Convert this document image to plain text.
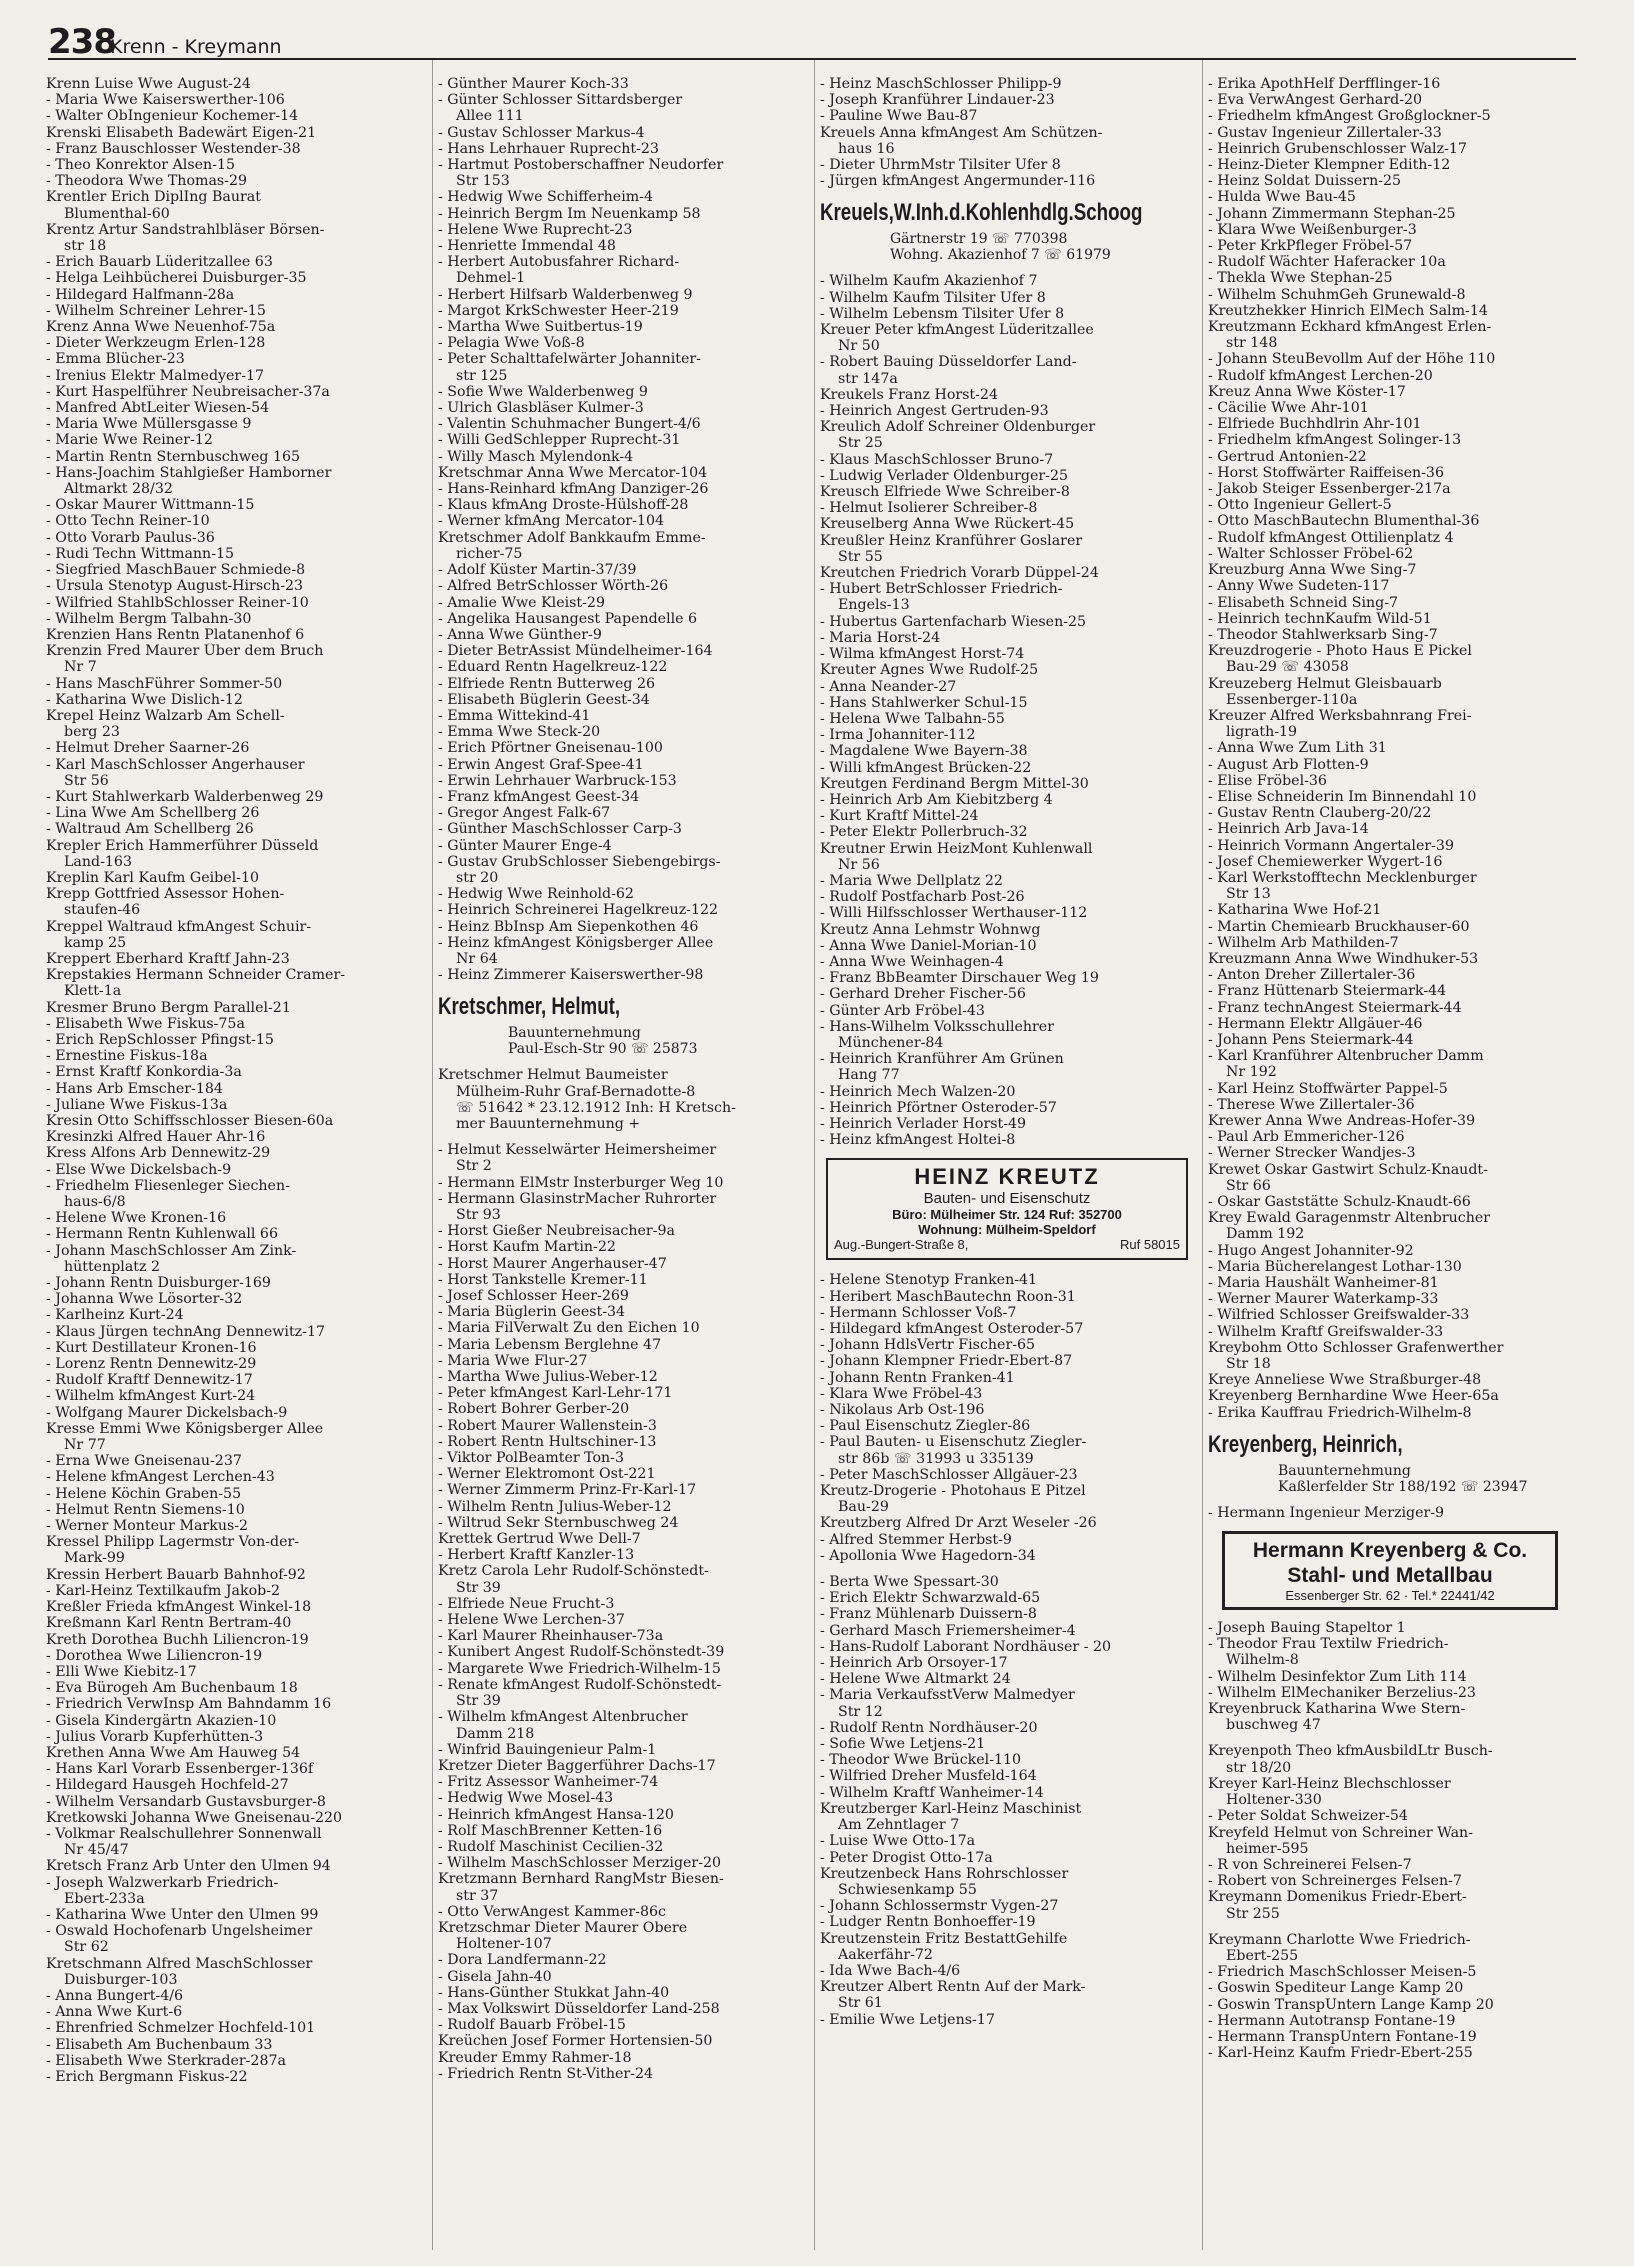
238
Krenn - Kreymann
Krenn Luise Wwe August-24
- Maria Wwe Kaiserswerther-106
- Walter ObIngenieur Kochemer-14
Krenski Elisabeth Badewärt Eigen-21
- Franz Bauschlosser Westender-38
- Theo Konrektor Alsen-15
- Theodora Wwe Thomas-29
Krentler Erich DiplIng Baurat
Blumenthal-60
Krentz Artur Sandstrahlbläser Börsen-
str 18
- Erich Bauarb Lüderitzallee 63
- Helga Leihbücherei Duisburger-35
- Hildegard Halfmann-28a
- Wilhelm Schreiner Lehrer-15
Krenz Anna Wwe Neuenhof-75a
- Dieter Werkzeugm Erlen-128
- Emma Blücher-23
- Irenius Elektr Malmedyer-17
- Kurt Haspelführer Neubreisacher-37a
- Manfred AbtLeiter Wiesen-54
- Maria Wwe Müllersgasse 9
- Marie Wwe Reiner-12
- Martin Rentn Sternbuschweg 165
- Hans-Joachim Stahlgießer Hamborner
Altmarkt 28/32
- Oskar Maurer Wittmann-15
- Otto Techn Reiner-10
- Otto Vorarb Paulus-36
- Rudi Techn Wittmann-15
- Siegfried MaschBauer Schmiede-8
- Ursula Stenotyp August-Hirsch-23
- Wilfried StahlbSchlosser Reiner-10
- Wilhelm Bergm Talbahn-30
Krenzien Hans Rentn Platanenhof 6
Krenzin Fred Maurer Über dem Bruch
Nr 7
- Hans MaschFührer Sommer-50
- Katharina Wwe Dislich-12
Krepel Heinz Walzarb Am Schell-
berg 23
- Helmut Dreher Saarner-26
- Karl MaschSchlosser Angerhauser
Str 56
- Kurt Stahlwerkarb Walderbenweg 29
- Lina Wwe Am Schellberg 26
- Waltraud Am Schellberg 26
Krepler Erich Hammerführer Düsseld
Land-163
Kreplin Karl Kaufm Geibel-10
Krepp Gottfried Assessor Hohen-
staufen-46
Kreppel Waltraud kfmAngest Schuir-
kamp 25
Kreppert Eberhard Kraftf Jahn-23
Krepstakies Hermann Schneider Cramer-
Klett-1a
Kresmer Bruno Bergm Parallel-21
- Elisabeth Wwe Fiskus-75a
- Erich RepSchlosser Pfingst-15
- Ernestine Fiskus-18a
- Ernst Kraftf Konkordia-3a
- Hans Arb Emscher-184
- Juliane Wwe Fiskus-13a
Kresin Otto Schiffsschlosser Biesen-60a
Kresinzki Alfred Hauer Ahr-16
Kress Alfons Arb Dennewitz-29
- Else Wwe Dickelsbach-9
- Friedhelm Fliesenleger Siechen-
haus-6/8
- Helene Wwe Kronen-16
- Hermann Rentn Kuhlenwall 66
- Johann MaschSchlosser Am Zink-
hüttenplatz 2
- Johann Rentn Duisburger-169
- Johanna Wwe Lösorter-32
- Karlheinz Kurt-24
- Klaus Jürgen technAng Dennewitz-17
- Kurt Destillateur Kronen-16
- Lorenz Rentn Dennewitz-29
- Rudolf Kraftf Dennewitz-17
- Wilhelm kfmAngest Kurt-24
- Wolfgang Maurer Dickelsbach-9
Kresse Emmi Wwe Königsberger Allee
Nr 77
- Erna Wwe Gneisenau-237
- Helene kfmAngest Lerchen-43
- Helene Köchin Graben-55
- Helmut Rentn Siemens-10
- Werner Monteur Markus-2
Kressel Philipp Lagermstr Von-der-
Mark-99
Kressin Herbert Bauarb Bahnhof-92
- Karl-Heinz Textilkaufm Jakob-2
Kreßler Frieda kfmAngest Winkel-18
Kreßmann Karl Rentn Bertram-40
Kreth Dorothea Buchh Liliencron-19
- Dorothea Wwe Liliencron-19
- Elli Wwe Kiebitz-17
- Eva Bürogeh Am Buchenbaum 18
- Friedrich VerwInsp Am Bahndamm 16
- Gisela Kindergärtn Akazien-10
- Julius Vorarb Kupferhütten-3
Krethen Anna Wwe Am Hauweg 54
- Hans Karl Vorarb Essenberger-136f
- Hildegard Hausgeh Hochfeld-27
- Wilhelm Versandarb Gustavsburger-8
Kretkowski Johanna Wwe Gneisenau-220
- Volkmar Realschullehrer Sonnenwall
Nr 45/47
Kretsch Franz Arb Unter den Ulmen 94
- Joseph Walzwerkarb Friedrich-
Ebert-233a
- Katharina Wwe Unter den Ulmen 99
- Oswald Hochofenarb Ungelsheimer
Str 62
Kretschmann Alfred MaschSchlosser
Duisburger-103
- Anna Bungert-4/6
- Anna Wwe Kurt-6
- Ehrenfried Schmelzer Hochfeld-101
- Elisabeth Am Buchenbaum 33
- Elisabeth Wwe Sterkrader-287a
- Erich Bergmann Fiskus-22
- Günther Maurer Koch-33
- Günter Schlosser Sittardsberger
Allee 111
- Gustav Schlosser Markus-4
- Hans Lehrhauer Ruprecht-23
- Hartmut Postoberschaffner Neudorfer
Str 153
- Hedwig Wwe Schifferheim-4
- Heinrich Bergm Im Neuenkamp 58
- Helene Wwe Ruprecht-23
- Henriette Immendal 48
- Herbert Autobusfahrer Richard-
Dehmel-1
- Herbert Hilfsarb Walderbenweg 9
- Margot KrkSchwester Heer-219
- Martha Wwe Suitbertus-19
- Pelagia Wwe Voß-8
- Peter Schalttafelwärter Johanniter-
str 125
- Sofie Wwe Walderbenweg 9
- Ulrich Glasbläser Kulmer-3
- Valentin Schuhmacher Bungert-4/6
- Willi GedSchlepper Ruprecht-31
- Willy Masch Mylendonk-4
Kretschmar Anna Wwe Mercator-104
- Hans-Reinhard kfmAng Danziger-26
- Klaus kfmAng Droste-Hülshoff-28
- Werner kfmAng Mercator-104
Kretschmer Adolf Bankkaufm Emme-
richer-75
- Adolf Küster Martin-37/39
- Alfred BetrSchlosser Wörth-26
- Amalie Wwe Kleist-29
- Angelika Hausangest Papendelle 6
- Anna Wwe Günther-9
- Dieter BetrAssist Mündelheimer-164
- Eduard Rentn Hagelkreuz-122
- Elfriede Rentn Butterweg 26
- Elisabeth Büglerin Geest-34
- Emma Wittekind-41
- Emma Wwe Steck-20
- Erich Pförtner Gneisenau-100
- Erwin Angest Graf-Spee-41
- Erwin Lehrhauer Warbruck-153
- Franz kfmAngest Geest-34
- Gregor Angest Falk-67
- Günther MaschSchlosser Carp-3
- Günter Maurer Enge-4
- Gustav GrubSchlosser Siebengebirgs-
str 20
- Hedwig Wwe Reinhold-62
- Heinrich Schreinerei Hagelkreuz-122
- Heinz BbInsp Am Siepenkothen 46
- Heinz kfmAngest Königsberger Allee
Nr 64
- Heinz Zimmerer Kaiserswerther-98
Kretschmer, Helmut,
Bauunternehmung
Paul-Esch-Str 90 ☏ 25873
Kretschmer Helmut Baumeister
Mülheim-Ruhr Graf-Bernadotte-8
☏ 51642 * 23.12.1912 Inh: H Kretsch-
mer Bauunternehmung +
- Helmut Kesselwärter Heimersheimer
Str 2
- Hermann ElMstr Insterburger Weg 10
- Hermann GlasinstrMacher Ruhrorter
Str 93
- Horst Gießer Neubreisacher-9a
- Horst Kaufm Martin-22
- Horst Maurer Angerhauser-47
- Horst Tankstelle Kremer-11
- Josef Schlosser Heer-269
- Maria Büglerin Geest-34
- Maria FilVerwalt Zu den Eichen 10
- Maria Lebensm Berglehne 47
- Maria Wwe Flur-27
- Martha Wwe Julius-Weber-12
- Peter kfmAngest Karl-Lehr-171
- Robert Bohrer Gerber-20
- Robert Maurer Wallenstein-3
- Robert Rentn Hultschiner-13
- Viktor PolBeamter Ton-3
- Werner Elektromont Ost-221
- Werner Zimmerm Prinz-Fr-Karl-17
- Wilhelm Rentn Julius-Weber-12
- Wiltrud Sekr Sternbuschweg 24
Krettek Gertrud Wwe Dell-7
- Herbert Kraftf Kanzler-13
Kretz Carola Lehr Rudolf-Schönstedt-
Str 39
- Elfriede Neue Frucht-3
- Helene Wwe Lerchen-37
- Karl Maurer Rheinhauser-73a
- Kunibert Angest Rudolf-Schönstedt-39
- Margarete Wwe Friedrich-Wilhelm-15
- Renate kfmAngest Rudolf-Schönstedt-
Str 39
- Wilhelm kfmAngest Altenbrucher
Damm 218
- Winfrid Bauingenieur Palm-1
Kretzer Dieter Baggerführer Dachs-17
- Fritz Assessor Wanheimer-74
- Hedwig Wwe Mosel-43
- Heinrich kfmAngest Hansa-120
- Rolf MaschBrenner Ketten-16
- Rudolf Maschinist Cecilien-32
- Wilhelm MaschSchlosser Merziger-20
Kretzmann Bernhard RangMstr Biesen-
str 37
- Otto VerwAngest Kammer-86c
Kretzschmar Dieter Maurer Obere
Holtener-107
- Dora Landfermann-22
- Gisela Jahn-40
- Hans-Günther Stukkat Jahn-40
- Max Volkswirt Düsseldorfer Land-258
- Rudolf Bauarb Fröbel-15
Kreüchen Josef Former Hortensien-50
Kreuder Emmy Rahmer-18
- Friedrich Rentn St-Vither-24
- Heinz MaschSchlosser Philipp-9
- Joseph Kranführer Lindauer-23
- Pauline Wwe Bau-87
Kreuels Anna kfmAngest Am Schützen-
haus 16
- Dieter UhrmMstr Tilsiter Ufer 8
- Jürgen kfmAngest Angermunder-116
Kreuels,W.Inh.d.Kohlenhdlg.Schoog
Gärtnerstr 19 ☏ 770398
Wohng. Akazienhof 7 ☏ 61979
- Wilhelm Kaufm Akazienhof 7
- Wilhelm Kaufm Tilsiter Ufer 8
- Wilhelm Lebensm Tilsiter Ufer 8
Kreuer Peter kfmAngest Lüderitzallee
Nr 50
- Robert Bauing Düsseldorfer Land-
str 147a
Kreukels Franz Horst-24
- Heinrich Angest Gertruden-93
Kreulich Adolf Schreiner Oldenburger
Str 25
- Klaus MaschSchlosser Bruno-7
- Ludwig Verlader Oldenburger-25
Kreusch Elfriede Wwe Schreiber-8
- Helmut Isolierer Schreiber-8
Kreuselberg Anna Wwe Rückert-45
Kreußler Heinz Kranführer Goslarer
Str 55
Kreutchen Friedrich Vorarb Düppel-24
- Hubert BetrSchlosser Friedrich-
Engels-13
- Hubertus Gartenfacharb Wiesen-25
- Maria Horst-24
- Wilma kfmAngest Horst-74
Kreuter Agnes Wwe Rudolf-25
- Anna Neander-27
- Hans Stahlwerker Schul-15
- Helena Wwe Talbahn-55
- Irma Johanniter-112
- Magdalene Wwe Bayern-38
- Willi kfmAngest Brücken-22
Kreutgen Ferdinand Bergm Mittel-30
- Heinrich Arb Am Kiebitzberg 4
- Kurt Kraftf Mittel-24
- Peter Elektr Pollerbruch-32
Kreutner Erwin HeizMont Kuhlenwall
Nr 56
- Maria Wwe Dellplatz 22
- Rudolf Postfacharb Post-26
- Willi Hilfsschlosser Werthauser-112
Kreutz Anna Lehmstr Wohnwg
- Anna Wwe Daniel-Morian-10
- Anna Wwe Weinhagen-4
- Franz BbBeamter Dirschauer Weg 19
- Gerhard Dreher Fischer-56
- Günter Arb Fröbel-43
- Hans-Wilhelm Volksschullehrer
Münchener-84
- Heinrich Kranführer Am Grünen
Hang 77
- Heinrich Mech Walzen-20
- Heinrich Pförtner Osteroder-57
- Heinrich Verlader Horst-49
- Heinz kfmAngest Holtei-8
HEINZ KREUTZ
Bauten- und Eisenschutz
Büro: Mülheimer Str. 124 Ruf: 352700
Wohnung: Mülheim-Speldorf
Aug.-Bungert-Straße 8,	Ruf 58015
- Helene Stenotyp Franken-41
- Heribert MaschBautechn Roon-31
- Hermann Schlosser Voß-7
- Hildegard kfmAngest Osteroder-57
- Johann HdlsVertr Fischer-65
- Johann Klempner Friedr-Ebert-87
- Johann Rentn Franken-41
- Klara Wwe Fröbel-43
- Nikolaus Arb Ost-196
- Paul Eisenschutz Ziegler-86
- Paul Bauten- u Eisenschutz Ziegler-
str 86b ☏ 31993 u 335139
- Peter MaschSchlosser Allgäuer-23
Kreutz-Drogerie - Photohaus E Pitzel
Bau-29
Kreutzberg Alfred Dr Arzt Weseler -26
- Alfred Stemmer Herbst-9
- Apollonia Wwe Hagedorn-34
- Berta Wwe Spessart-30
- Erich Elektr Schwarzwald-65
- Franz Mühlenarb Duissern-8
- Gerhard Masch Friemersheimer-4
- Hans-Rudolf Laborant Nordhäuser - 20
- Heinrich Arb Orsoyer-17
- Helene Wwe Altmarkt 24
- Maria VerkaufsstVerw Malmedyer
Str 12
- Rudolf Rentn Nordhäuser-20
- Sofie Wwe Letjens-21
- Theodor Wwe Brückel-110
- Wilfried Dreher Musfeld-164
- Wilhelm Kraftf Wanheimer-14
Kreutzberger Karl-Heinz Maschinist
Am Zehntlager 7
- Luise Wwe Otto-17a
- Peter Drogist Otto-17a
Kreutzenbeck Hans Rohrschlosser
Schwiesenkamp 55
- Johann Schlossermstr Vygen-27
- Ludger Rentn Bonhoeffer-19
Kreutzenstein Fritz BestattGehilfe
Aakerfähr-72
- Ida Wwe Bach-4/6
Kreutzer Albert Rentn Auf der Mark-
Str 61
- Emilie Wwe Letjens-17
- Erika ApothHelf Derfflinger-16
- Eva VerwAngest Gerhard-20
- Friedhelm kfmAngest Großglockner-5
- Gustav Ingenieur Zillertaler-33
- Heinrich Grubenschlosser Walz-17
- Heinz-Dieter Klempner Edith-12
- Heinz Soldat Duissern-25
- Hulda Wwe Bau-45
- Johann Zimmermann Stephan-25
- Klara Wwe Weißenburger-3
- Peter KrkPfleger Fröbel-57
- Rudolf Wächter Haferacker 10a
- Thekla Wwe Stephan-25
- Wilhelm SchuhmGeh Grunewald-8
Kreutzhekker Hinrich ElMech Salm-14
Kreutzmann Eckhard kfmAngest Erlen-
str 148
- Johann SteuBevollm Auf der Höhe 110
- Rudolf kfmAngest Lerchen-20
Kreuz Anna Wwe Köster-17
- Cäcilie Wwe Ahr-101
- Elfriede Buchhdlrin Ahr-101
- Friedhelm kfmAngest Solinger-13
- Gertrud Antonien-22
- Horst Stoffwärter Raiffeisen-36
- Jakob Steiger Essenberger-217a
- Otto Ingenieur Gellert-5
- Otto MaschBautechn Blumenthal-36
- Rudolf kfmAngest Ottilienplatz 4
- Walter Schlosser Fröbel-62
Kreuzburg Anna Wwe Sing-7
- Anny Wwe Sudeten-117
- Elisabeth Schneid Sing-7
- Heinrich technKaufm Wild-51
- Theodor Stahlwerksarb Sing-7
Kreuzdrogerie - Photo Haus E Pickel
Bau-29 ☏ 43058
Kreuzeberg Helmut Gleisbauarb
Essenberger-110a
Kreuzer Alfred Werksbahnrang Frei-
ligrath-19
- Anna Wwe Zum Lith 31
- August Arb Flotten-9
- Elise Fröbel-36
- Elise Schneiderin Im Binnendahl 10
- Gustav Rentn Clauberg-20/22
- Heinrich Arb Java-14
- Heinrich Vormann Angertaler-39
- Josef Chemiewerker Wygert-16
- Karl Werkstofftechn Mecklenburger
Str 13
- Katharina Wwe Hof-21
- Martin Chemiearb Bruckhauser-60
- Wilhelm Arb Mathilden-7
Kreuzmann Anna Wwe Windhuker-53
- Anton Dreher Zillertaler-36
- Franz Hüttenarb Steiermark-44
- Franz technAngest Steiermark-44
- Hermann Elektr Allgäuer-46
- Johann Pens Steiermark-44
- Karl Kranführer Altenbrucher Damm
Nr 192
- Karl Heinz Stoffwärter Pappel-5
- Therese Wwe Zillertaler-36
Krewer Anna Wwe Andreas-Hofer-39
- Paul Arb Emmericher-126
- Werner Strecker Wandjes-3
Krewet Oskar Gastwirt Schulz-Knaudt-
Str 66
- Oskar Gaststätte Schulz-Knaudt-66
Krey Ewald Garagenmstr Altenbrucher
Damm 192
- Hugo Angest Johanniter-92
- Maria Bücherelangest Lothar-130
- Maria Haushält Wanheimer-81
- Werner Maurer Waterkamp-33
- Wilfried Schlosser Greifswalder-33
- Wilhelm Kraftf Greifswalder-33
Kreybohm Otto Schlosser Grafenwerther
Str 18
Kreye Anneliese Wwe Straßburger-48
Kreyenberg Bernhardine Wwe Heer-65a
- Erika Kauffrau Friedrich-Wilhelm-8
Kreyenberg, Heinrich,
Bauunternehmung
Kaßlerfelder Str 188/192 ☏ 23947
- Hermann Ingenieur Merziger-9
Hermann Kreyenberg & Co.
Stahl- und Metallbau
Essenberger Str. 62 · Tel.* 22441/42
- Joseph Bauing Stapeltor 1
- Theodor Frau Textilw Friedrich-
Wilhelm-8
- Wilhelm Desinfektor Zum Lith 114
- Wilhelm ElMechaniker Berzelius-23
Kreyenbruck Katharina Wwe Stern-
buschweg 47
Kreyenpoth Theo kfmAusbildLtr Busch-
str 18/20
Kreyer Karl-Heinz Blechschlosser
Holtener-330
- Peter Soldat Schweizer-54
Kreyfeld Helmut von Schreiner Wan-
heimer-595
- R von Schreinerei Felsen-7
- Robert von Schreinerges Felsen-7
Kreymann Domenikus Friedr-Ebert-
Str 255
Kreymann Charlotte Wwe Friedrich-
Ebert-255
- Friedrich MaschSchlosser Meisen-5
- Goswin Spediteur Lange Kamp 20
- Goswin TranspUntern Lange Kamp 20
- Hermann Autotransp Fontane-19
- Hermann TranspUntern Fontane-19
- Karl-Heinz Kaufm Friedr-Ebert-255
